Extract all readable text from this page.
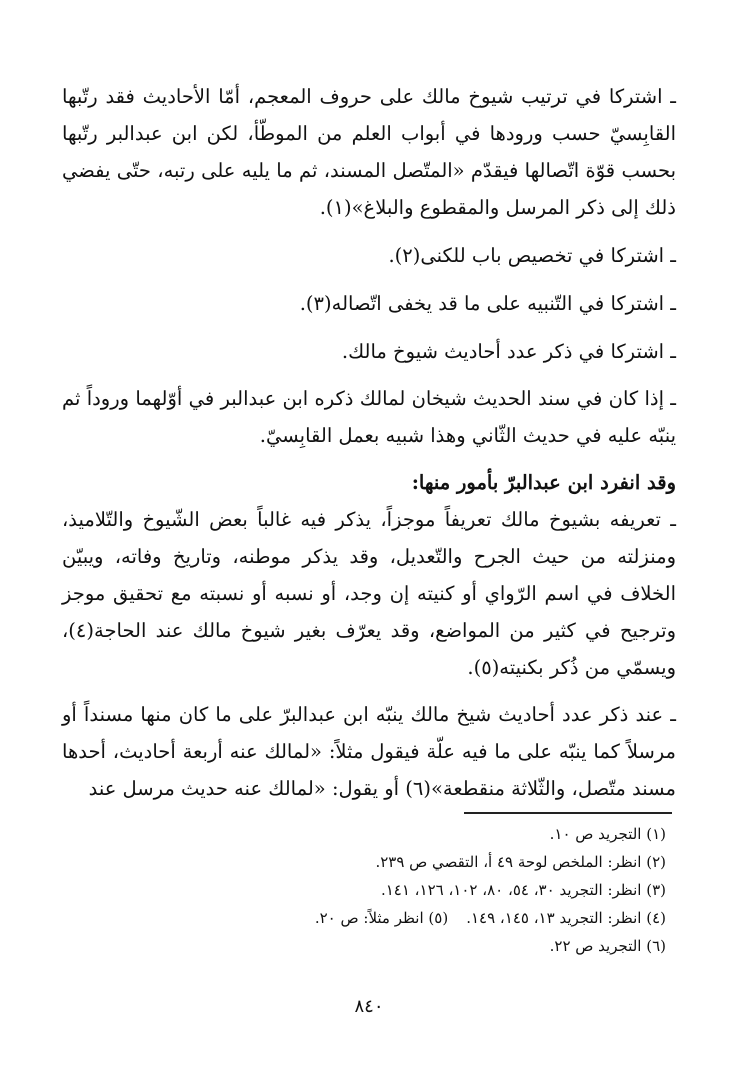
ـ اشتركا في ترتيب شيوخ مالك على حروف المعجم، أمّا الأحاديث فقد رتّبها القابِسيّ حسب ورودها في أبواب العلم من الموطّأ، لكن ابن عبدالبر رتّبها بحسب قوّة اتّصالها فيقدّم «المتّصل المسند، ثم ما يليه على رتبه، حتّى يفضي ذلك إلى ذكر المرسل والمقطوع والبلاغ»(١).

ـ اشتركا في تخصيص باب للكنى(٢).

ـ اشتركا في التّنبيه على ما قد يخفى اتّصاله(٣).

ـ اشتركا في ذكر عدد أحاديث شيوخ مالك.

ـ إذا كان في سند الحديث شيخان لمالك ذكره ابن عبدالبر في أوّلهما وروداً ثم ينبّه عليه في حديث الثّاني وهذا شبيه بعمل القابِسيّ.

وقد انفرد ابن عبدالبرّ بأمور منها:

ـ تعريفه بشيوخ مالك تعريفاً موجزاً، يذكر فيه غالباً بعض الشّيوخ والتّلاميذ، ومنزلته من حيث الجرح والتّعديل، وقد يذكر موطنه، وتاريخ وفاته، ويبيّن الخلاف في اسم الرّواي أو كنيته إن وجد، أو نسبه أو نسبته مع تحقيق موجز وترجيح في كثير من المواضع، وقد يعرّف بغير شيوخ مالك عند الحاجة(٤)، ويسمّي من ذُكر بكنيته(٥).

ـ عند ذكر عدد أحاديث شيخ مالك ينبّه ابن عبدالبرّ على ما كان منها مسنداً أو مرسلاً كما ينبّه على ما فيه علّة فيقول مثلاً: «لمالك عنه أربعة أحاديث، أحدها مسند متّصل، والثّلاثة منقطعة»(٦) أو يقول: «لمالك عنه حديث مرسل عند

(١) التجريد ص ١٠.

(٢) انظر: الملخص لوحة ٤٩ أ، التقصي ص ٢٣٩.

(٣) انظر: التجريد ٣٠، ٥٤، ٨٠، ١٠٢، ١٢٦، ١٤١.

(٤) انظر: التجريد ١٣، ١٤٥، ١٤٩.(٥) انظر مثلاً: ص ٢٠.

(٦) التجريد ص ٢٢.

٨٤٠
